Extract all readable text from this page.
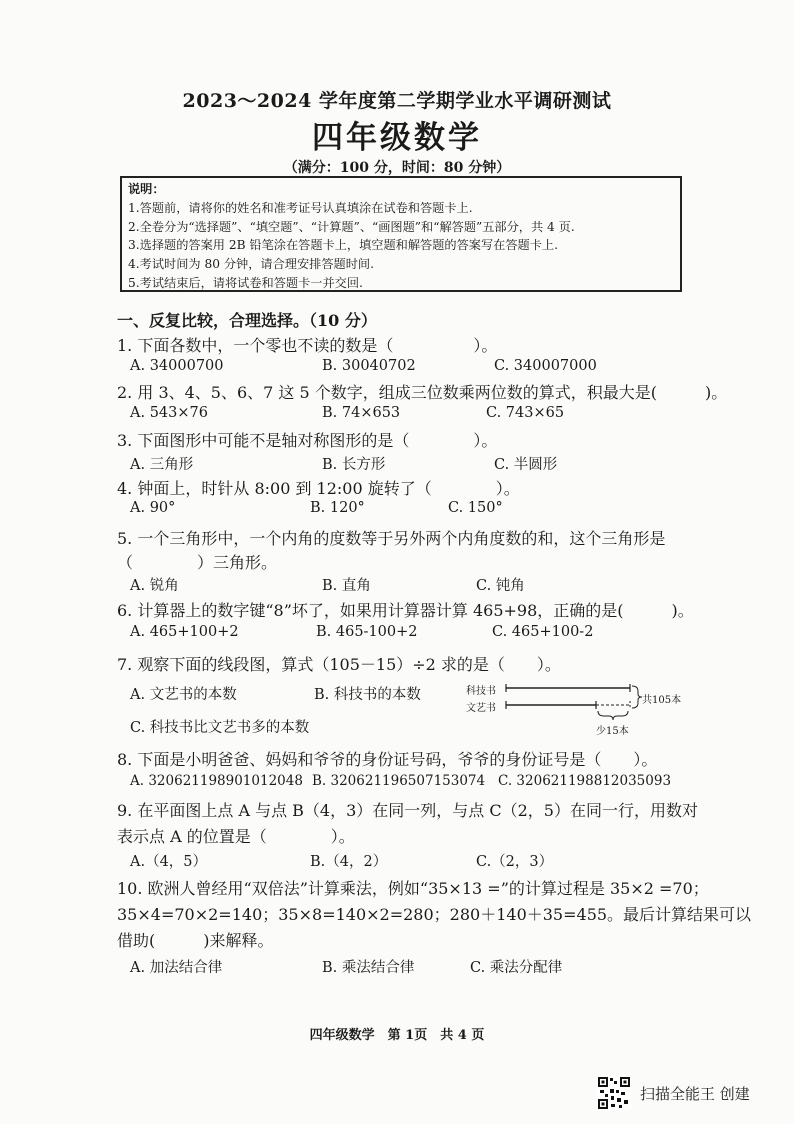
2023～2024 学年度第二学期学业水平调研测试
四年级数学
（满分：100 分，时间：80 分钟）
说明：
1.答题前，请将你的姓名和准考证号认真填涂在试卷和答题卡上.
2.全卷分为“选择题”、“填空题”、“计算题”、“画图题”和“解答题”五部分，共 4 页.
3.选择题的答案用 2B 铅笔涂在答题卡上，填空题和解答题的答案写在答题卡上.
4.考试时间为 80 分钟，请合理安排答题时间.
5.考试结束后，请将试卷和答题卡一并交回.
一、反复比较，合理选择。（10 分）
1. 下面各数中，一个零也不读的数是（　　　　　）。
A. 34000700	B. 30040702	C. 340007000
2. 用 3、4、5、6、7 这 5 个数字，组成三位数乘两位数的算式，积最大是(　　　)。
A. 543×76	B. 74×653	C. 743×65
3. 下面图形中可能不是轴对称图形的是（　　　　）。
A. 三角形	B. 长方形	C. 半圆形
4. 钟面上，时针从 8:00 到 12:00 旋转了（　　　　）。
A. 90°	B. 120°	C. 150°
5. 一个三角形中，一个内角的度数等于另外两个内角度数的和，这个三角形是
（　　　　）三角形。
A. 锐角	B. 直角	C. 钝角
6. 计算器上的数字键“8”坏了，如果用计算器计算 465+98，正确的是(　　　)。
A. 465+100+2	B. 465-100+2	C. 465+100-2
7. 观察下面的线段图，算式（105－15）÷2 求的是（　　）。
A. 文艺书的本数	B. 科技书的本数
C. 科技书比文艺书多的本数
科技书
文艺书
共105本
少15本
8. 下面是小明爸爸、妈妈和爷爷的身份证号码，爷爷的身份证号是（　　）。
A. 320621198901012048 B. 320621196507153074 C. 320621198812035093
9. 在平面图上点 A 与点 B（4，3）在同一列，与点 C（2，5）在同一行，用数对
表示点 A 的位置是（　　　　）。
A.（4，5）	B.（4，2）	C.（2，3）
10. 欧洲人曾经用“双倍法”计算乘法，例如“35×13 =”的计算过程是 35×2 =70；
35×4=70×2=140；35×8=140×2=280；280＋140＋35=455。最后计算结果可以
借助(　　　)来解释。
A. 加法结合律	B. 乘法结合律	C. 乘法分配律
四年级数学　第 1页　共 4 页
扫描全能王 创建
